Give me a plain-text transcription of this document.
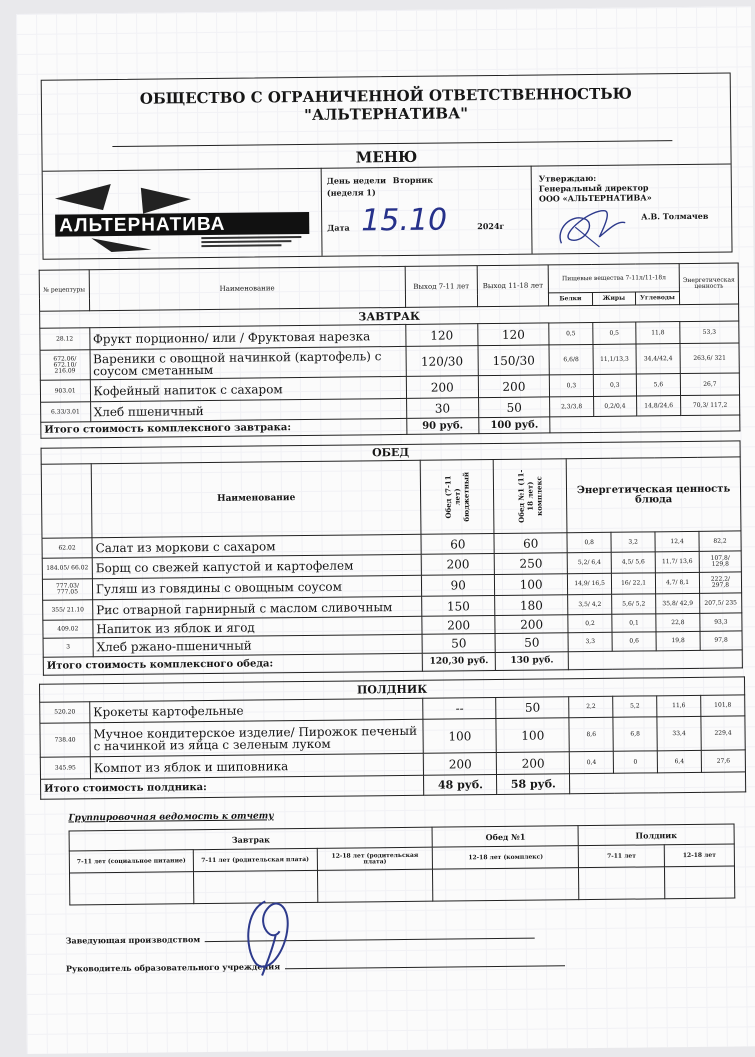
ОБЩЕСТВО С ОГРАНИЧЕННОЙ ОТВЕТСТВЕННОСТЬЮ
"АЛЬТЕРНАТИВА"
МЕНЮ
АЛЬТЕРНАТИВА
День недели Вторник
(неделя 1)
Дата 15.10	2024г
Утверждаю:
Генеральный директор
ООО «АЛЬТЕРНАТИВА»
А.В. Толмачев
№ рецептуры	Наименование	Выход 7-11 лет	Выход 11-18 лет	Пищевые вещества 7-11л/11-18л			Энергетическая ценность
				Белки	Жиры	Углеводы	
ЗАВТРАК							
28.12	Фрукт порционно/ или / Фруктовая нарезка	120	120	0,5	0,5	11,8	53,3
672.06/ 672.10/ 216.09	Вареники с овощной начинкой (картофель) с соусом сметанным	120/30	150/30	6,6/8	11,1/13,3	34,4/42,4	263,6/ 321
903.01	Кофейный напиток с сахаром	200	200	0,3	0,3	5,6	26,7
6.33/3.01	Хлеб пшеничный	30	50	2,3/3,8	0,2/0,4	14,8/24,6	70,3/ 117,2
Итого стоимость комплексного завтрака:		90 руб.	100 руб.				
ОБЕД							
	Наименование	Обед (7-11 лет) бюджетный	Обед №1 (11-18 лет) комплекс	Энергетическая ценность блюда			
62.02	Салат из моркови с сахаром	60	60	0,8	3,2	12,4	82,2
184.05/ 66.02	Борщ со свежей капустой и картофелем	200	250	5,2/ 6,4	4,5/ 5,6	11,7/ 13,6	107,8/ 129,8
777.03/ 777.05	Гуляш из говядины с овощным соусом	90	100	14,9/ 16,5	16/ 22,1	4,7/ 8,1	222,2/ 297,8
355/ 21.10	Рис отварной гарнирный с маслом сливочным	150	180	3,5/ 4,2	5,6/ 5,2	35,8/ 42,9	207,5/ 235
409.02	Напиток из яблок и ягод	200	200	0,2	0,1	22,8	93,3
3	Хлеб ржано-пшеничный	50	50	3,3	0,6	19,8	97,8
Итого стоимость комплексного обеда:		120,30 руб.	130 руб.				
ПОЛДНИК							
520.20	Крокеты картофельные	--	50	2,2	5,2	11,6	101,8
738.40	Мучное кондитерское изделие/ Пирожок печеный с начинкой из яйца с зеленым луком	100	100	8,6	6,8	33,4	229,4
345.95	Компот из яблок и шиповника	200	200	0,4	0	6,4	27,6
Итого стоимость полдника:		48 руб.	58 руб.				
Группировочная ведомость к отчету
Завтрак			Обед №1	Полдник	
7-11 лет (социальное питание)	7-11 лет (родительская плата)	12-18 лет (родительская плата)	12-18 лет (комплекс)	7-11 лет	12-18 лет

Заведующая производством
Руководитель образовательного учреждения
